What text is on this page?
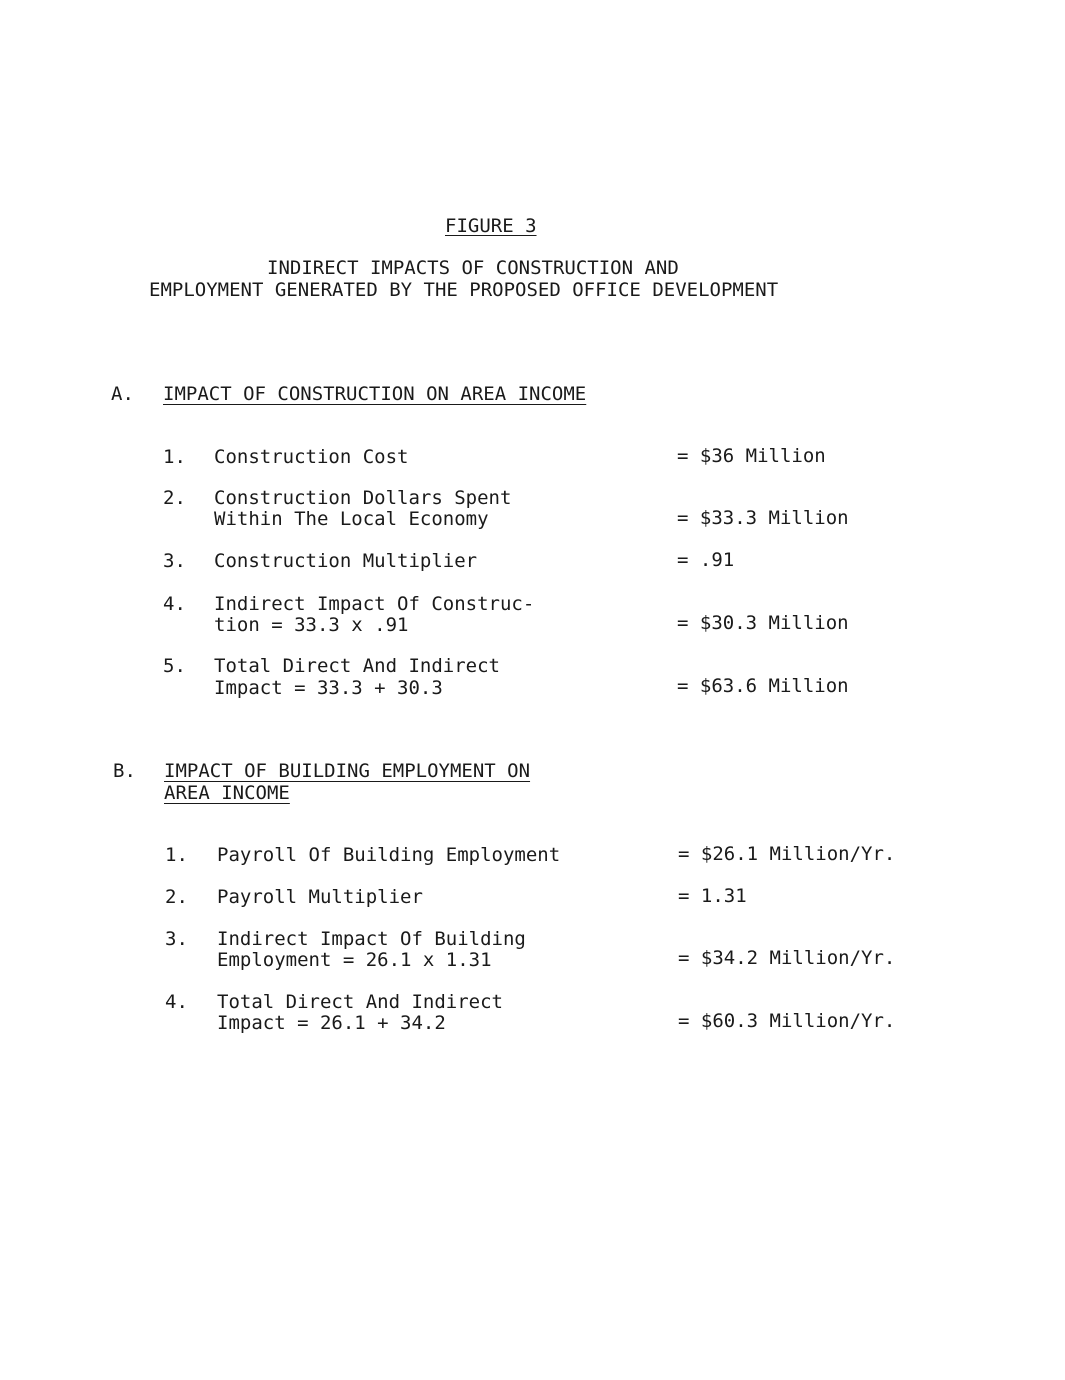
FIGURE 3
INDIRECT IMPACTS OF CONSTRUCTION AND
EMPLOYMENT GENERATED BY THE PROPOSED OFFICE DEVELOPMENT
A. IMPACT OF CONSTRUCTION ON AREA INCOME
1. Construction Cost	= $36 Million
2. Construction Dollars Spent
Within The Local Economy	= $33.3 Million
3. Construction Multiplier	= .91
4. Indirect Impact Of Construc-
tion = 33.3 x .91	= $30.3 Million
5. Total Direct And Indirect
Impact = 33.3 + 30.3	= $63.6 Million
B. IMPACT OF BUILDING EMPLOYMENT ON
AREA INCOME
1. Payroll Of Building Employment	= $26.1 Million/Yr.
2. Payroll Multiplier	= 1.31
3. Indirect Impact Of Building
Employment = 26.1 x 1.31	= $34.2 Million/Yr.
4. Total Direct And Indirect
Impact = 26.1 + 34.2	= $60.3 Million/Yr.
